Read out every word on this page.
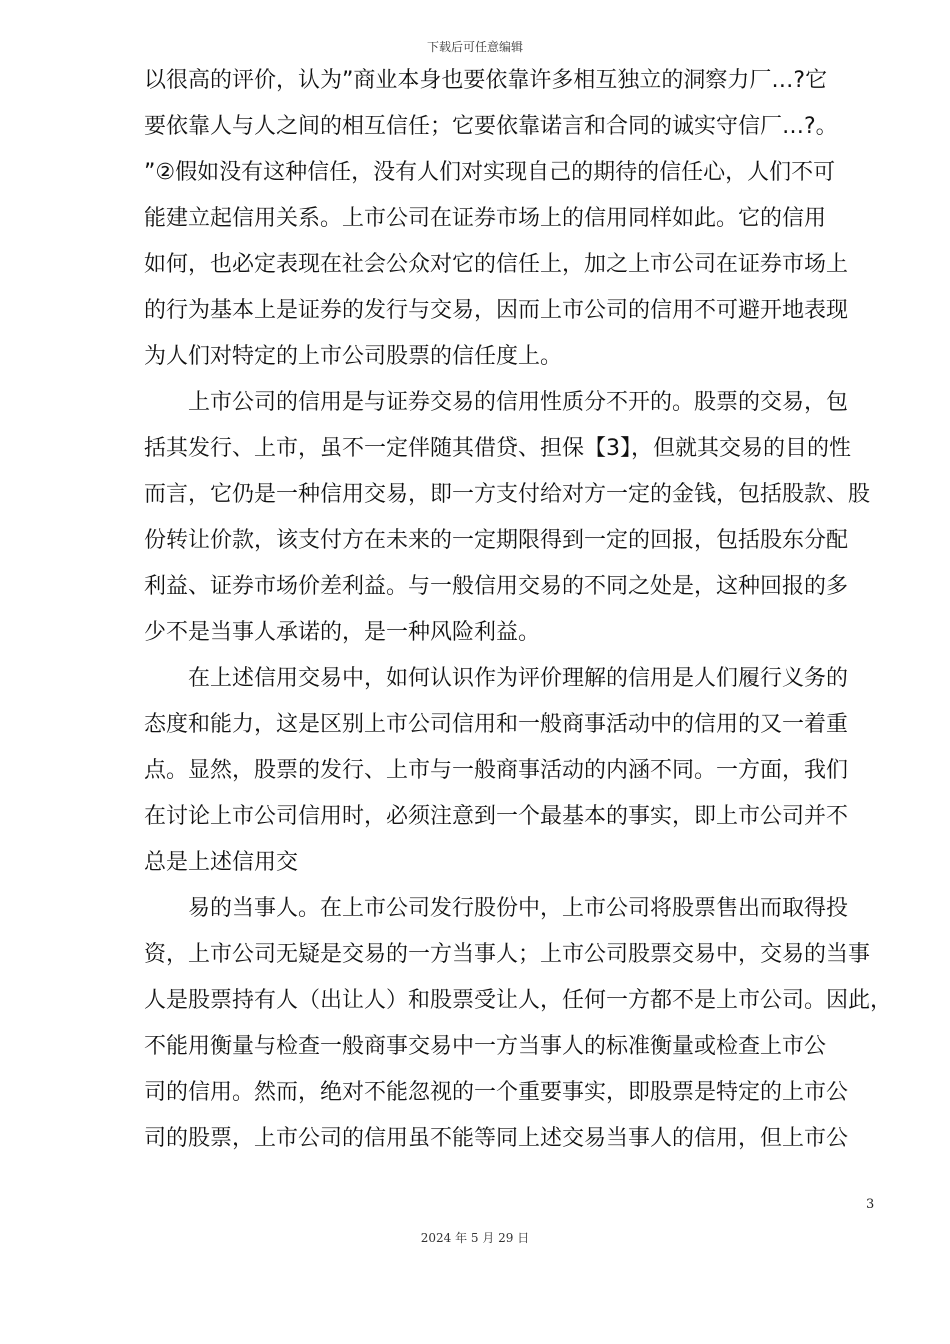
下载后可任意编辑
以很高的评价，认为”商业本身也要依靠许多相互独立的洞察力厂…?它
要依靠人与人之间的相互信任；它要依靠诺言和合同的诚实守信厂…?。
”②假如没有这种信任，没有人们对实现自己的期待的信任心，人们不可
能建立起信用关系。上市公司在证券市场上的信用同样如此。它的信用
如何，也必定表现在社会公众对它的信任上，加之上市公司在证券市场上
的行为基本上是证券的发行与交易，因而上市公司的信用不可避开地表现
为人们对特定的上市公司股票的信任度上。
上市公司的信用是与证券交易的信用性质分不开的。股票的交易，包
括其发行、上市，虽不一定伴随其借贷、担保【3】，但就其交易的目的性
而言，它仍是一种信用交易，即一方支付给对方一定的金钱，包括股款、股
份转让价款，该支付方在未来的一定期限得到一定的回报，包括股东分配
利益、证券市场价差利益。与一般信用交易的不同之处是，这种回报的多
少不是当事人承诺的，是一种风险利益。
在上述信用交易中，如何认识作为评价理解的信用是人们履行义务的
态度和能力，这是区别上市公司信用和一般商事活动中的信用的又一着重
点。显然，股票的发行、上市与一般商事活动的内涵不同。一方面，我们
在讨论上市公司信用时，必须注意到一个最基本的事实，即上市公司并不
总是上述信用交
易的当事人。在上市公司发行股份中，上市公司将股票售出而取得投
资，上市公司无疑是交易的一方当事人；上市公司股票交易中，交易的当事
人是股票持有人（出让人）和股票受让人，任何一方都不是上市公司。因此，
不能用衡量与检查一般商事交易中一方当事人的标准衡量或检查上市公
司的信用。然而，绝对不能忽视的一个重要事实，即股票是特定的上市公
司的股票，上市公司的信用虽不能等同上述交易当事人的信用，但上市公
3
2024 年 5 月 29 日
